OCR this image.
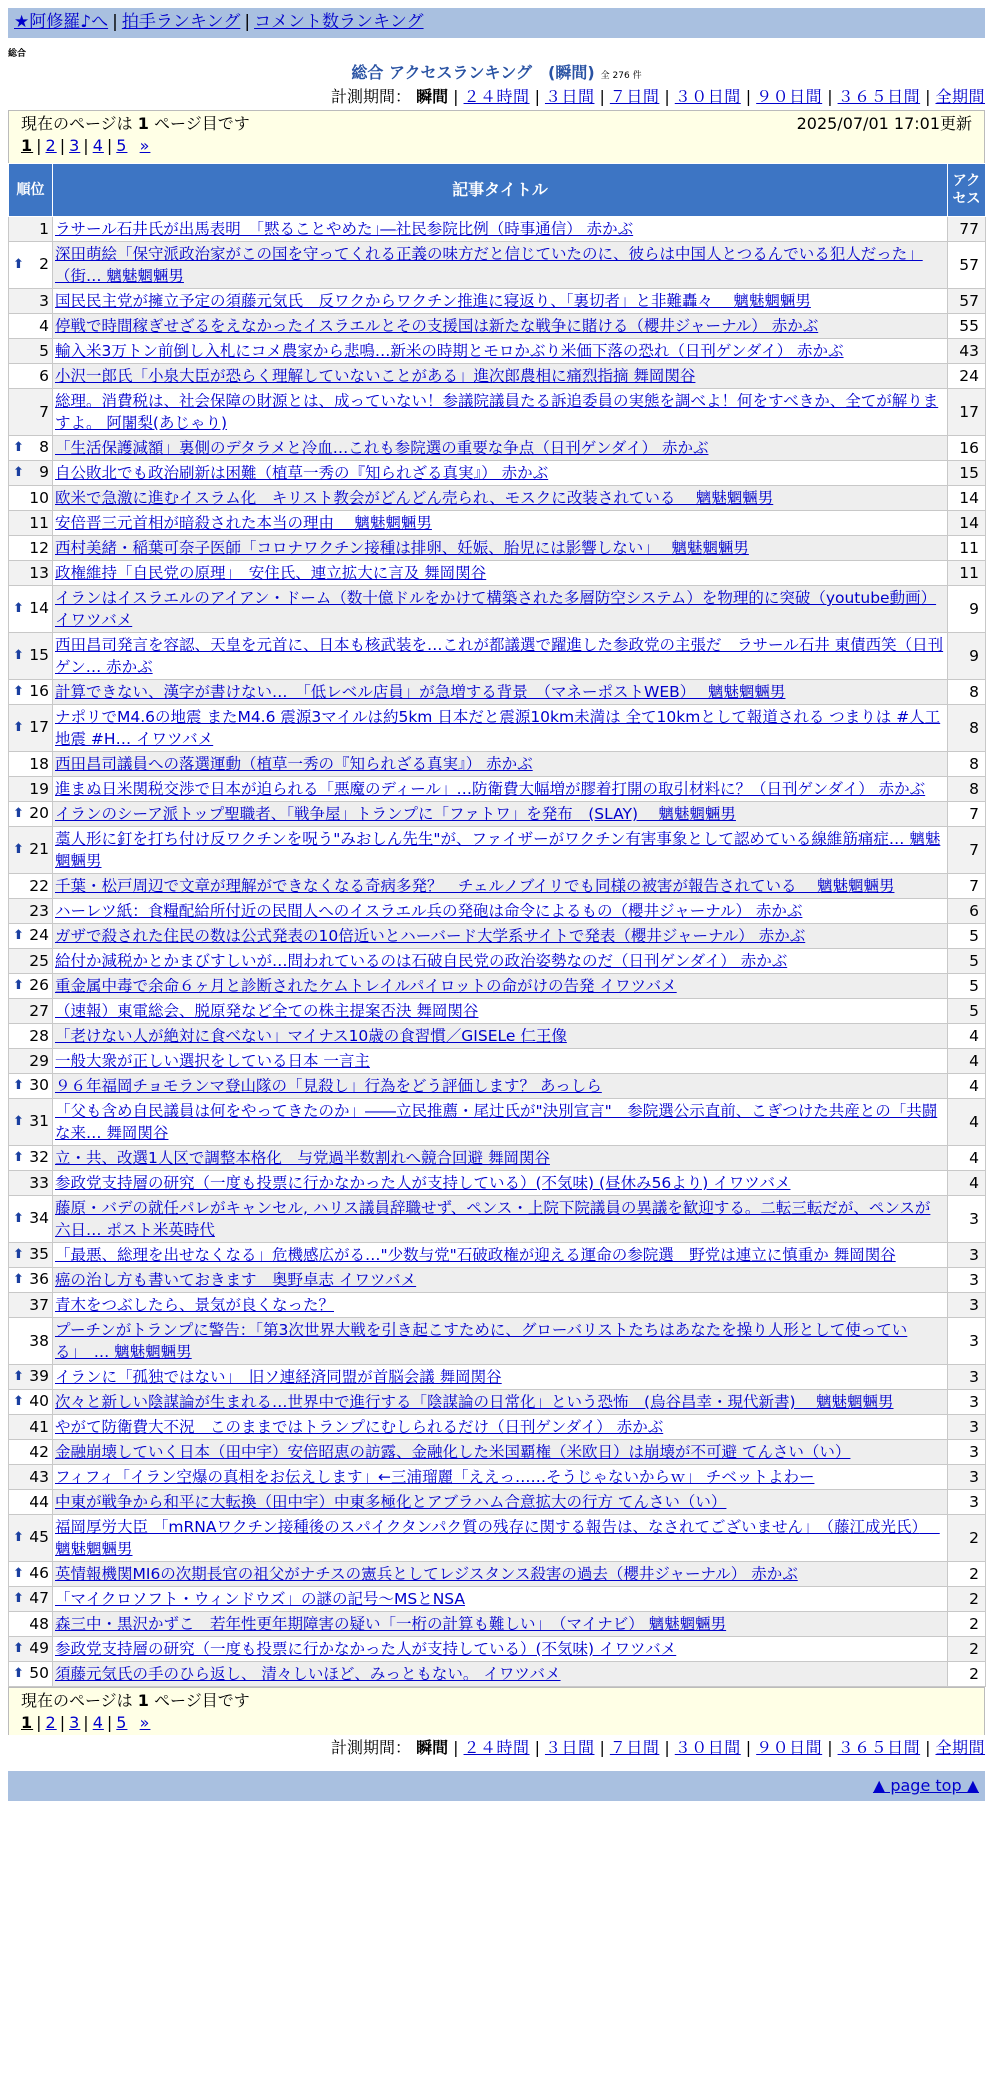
★阿修羅♪へ | 拍手ランキング | コメント数ランキング
総合
総合 アクセスランキング　(瞬間) 全 276 件
計測期間： 瞬間 | ２４時間 | ３日間 | ７日間 | ３０日間 | ９０日間 | ３６５日間 | 全期間
現在のページは 1 ページ目です	2025/07/01 17:01更新
1 | 2 | 3 | 4 | 5 »
順位	記事タイトル	アクセス
1	ラサール石井氏が出馬表明　｢黙ることやめた｣―社民参院比例（時事通信） 赤かぶ	77

⬆ 2	深田萌絵「保守派政治家がこの国を守ってくれる正義の味方だと信じていたのに、彼らは中国人とつるんでいる犯人だった」（街… 魑魅魍魎男	57
3	国民民主党が擁立予定の須藤元気氏　反ワクからワクチン推進に寝返り、「裏切者」と非難轟々　 魑魅魍魎男	57
4	停戦で時間稼ぎせざるをえなかったイスラエルとその支援国は新たな戦争に賭ける（櫻井ジャーナル） 赤かぶ	55
5	輸入米3万トン前倒し入札にコメ農家から悲鳴…新米の時期とモロかぶり米価下落の恐れ（日刊ゲンダイ） 赤かぶ	43
6	小沢一郎氏「小泉大臣が恐らく理解していないことがある」進次郎農相に痛烈指摘 舞岡関谷	24
7	総理。消費税は、社会保障の財源とは、成っていない！参議院議員たる訴追委員の実態を調べよ！何をすべきか、全てが解りますよ。 阿闍梨(あじゃり)	17

⬆ 8	「生活保護減額」裏側のデタラメと冷血…これも参院選の重要な争点（日刊ゲンダイ） 赤かぶ	16

⬆ 9	自公敗北でも政治刷新は困難（植草一秀の『知られざる真実』） 赤かぶ	15
10	欧米で急激に進むイスラム化　キリスト教会がどんどん売られ、モスクに改装されている　 魑魅魍魎男	14
11	安倍晋三元首相が暗殺された本当の理由　 魑魅魍魎男	14
12	西村美緒・稲葉可奈子医師「コロナワクチン接種は排卵、妊娠、胎児には影響しない」　 魑魅魍魎男	11
13	政権維持「自民党の原理」　安住氏、連立拡大に言及 舞岡関谷	11

⬆ 14	イランはイスラエルのアイアン・ドーム（数十億ドルをかけて構築された多層防空システム）を物理的に突破（youtube動画） イワツバメ	9

⬆ 15	西田昌司発言を容認、天皇を元首に、日本も核武装を…これが都議選で躍進した参政党の主張だ　ラサール石井 東債西笑（日刊ゲン… 赤かぶ	9

⬆ 16	計算できない、漢字が書けない…　「低レベル店員」が急増する背景　（マネーポストWEB）　 魑魅魍魎男	8

⬆ 17	ナポリでM4.6の地震 またM4.6 震源3マイルは約5km 日本だと震源10km未満は 全て10kmとして報道される つまりは #人工地震 #H… イワツバメ	8
18	西田昌司議員への落選運動（植草一秀の『知られざる真実』） 赤かぶ	8
19	進まぬ日米関税交渉で日本が迫られる「悪魔のディール」…防衛費大幅増が膠着打開の取引材料に？（日刊ゲンダイ） 赤かぶ	8

⬆ 20	イランのシーア派トップ聖職者、「戦争屋」トランプに「ファトワ」を発布　(SLAY)　 魑魅魍魎男	7

⬆ 21	藁人形に釘を打ち付け反ワクチンを呪う"みおしん先生"が、ファイザーがワクチン有害事象として認めている線維筋痛症… 魑魅魍魎男	7
22	千葉・松戸周辺で文章が理解ができなくなる奇病多発？　チェルノブイリでも同様の被害が報告されている　 魑魅魍魎男	7
23	ハーレツ紙：食糧配給所付近の民間人へのイスラエル兵の発砲は命令によるもの（櫻井ジャーナル） 赤かぶ	6

⬆ 24	ガザで殺された住民の数は公式発表の10倍近いとハーバード大学系サイトで発表（櫻井ジャーナル） 赤かぶ	5
25	給付か減税かとかまびすしいが…問われているのは石破自民党の政治姿勢なのだ（日刊ゲンダイ） 赤かぶ	5

⬆ 26	重金属中毒で余命６ヶ月と診断されたケムトレイルパイロットの命がけの告発 イワツバメ	5
27	（速報）東電総会、脱原発など全ての株主提案否決 舞岡関谷	5
28	「老けない人が絶対に食べない」マイナス10歳の食習慣／GISELe 仁王像	4
29	一般大衆が正しい選択をしている日本 一言主	4

⬆ 30	９６年福岡チョモランマ登山隊の「見殺し」行為をどう評価します？ あっしら	4

⬆ 31	「父も含め自民議員は何をやってきたのか」――立民推薦・尾辻氏が"決別宣言"　参院選公示直前、こぎつけた共産との「共闘な来… 舞岡関谷	4

⬆ 32	立・共、改選1人区で調整本格化　与党過半数割れへ競合回避 舞岡関谷	4
33	参政党支持層の研究（一度も投票に行かなかった人が支持している）(不気味) (昼休み56より) イワツバメ	4

⬆ 34	藤原・バデの就任パレがキャンセル, ハリス議員辞職せず、ペンス・上院下院議員の異議を歓迎する。二転三転だが、ペンスが六日… ポスト米英時代	3

⬆ 35	「最悪、総理を出せなくなる」危機感広がる…"少数与党"石破政権が迎える運命の参院選　野党は連立に慎重か 舞岡関谷	3

⬆ 36	癌の治し方も書いておきます　奥野卓志 イワツバメ	3
37	青木をつぶしたら、景気が良くなった？	3
38	プーチンがトランプに警告：「第3次世界大戦を引き起こすために、グローバリストたちはあなたを操り人形として使っている」　… 魑魅魍魎男	3

⬆ 39	イランに「孤独ではない」　旧ソ連経済同盟が首脳会議 舞岡関谷	3

⬆ 40	次々と新しい陰謀論が生まれる…世界中で進行する「陰謀論の日常化」という恐怖　(烏谷昌幸・現代新書)　 魑魅魍魎男	3
41	やがて防衛費大不況　このままではトランプにむしられるだけ（日刊ゲンダイ） 赤かぶ	3
42	金融崩壊していく日本（田中宇）安倍昭恵の訪露、金融化した米国覇権（米欧日）は崩壊が不可避 てんさい（い）	3
43	フィフィ「イラン空爆の真相をお伝えします」←三浦瑠麗「ええっ……そうじゃないからｗ」 チベットよわー	3
44	中東が戦争から和平に大転換（田中宇）中東多極化とアブラハム合意拡大の行方 てんさい（い）	3

⬆ 45	福岡厚労大臣 「mRNAワクチン接種後のスパイクタンパク質の残存に関する報告は、なされてございません」　（藤江成光氏）　 魑魅魍魎男	2

⬆ 46	英情報機関MI6の次期長官の祖父がナチスの憲兵としてレジスタンス殺害の過去（櫻井ジャーナル） 赤かぶ	2

⬆ 47	「マイクロソフト・ウィンドウズ」の謎の記号〜MSとNSA	2
48	森三中・黒沢かずこ　若年性更年期障害の疑い「一桁の計算も難しい」　（マイナビ） 魑魅魍魎男	2

⬆ 49	参政党支持層の研究（一度も投票に行かなかった人が支持している）(不気味) イワツバメ	2

⬆ 50	須藤元気氏の手のひら返し、 清々しいほど、みっともない。 イワツバメ	2
現在のページは 1 ページ目です
1 | 2 | 3 | 4 | 5 »
計測期間： 瞬間 | ２４時間 | ３日間 | ７日間 | ３０日間 | ９０日間 | ３６５日間 | 全期間
▲ page top ▲
